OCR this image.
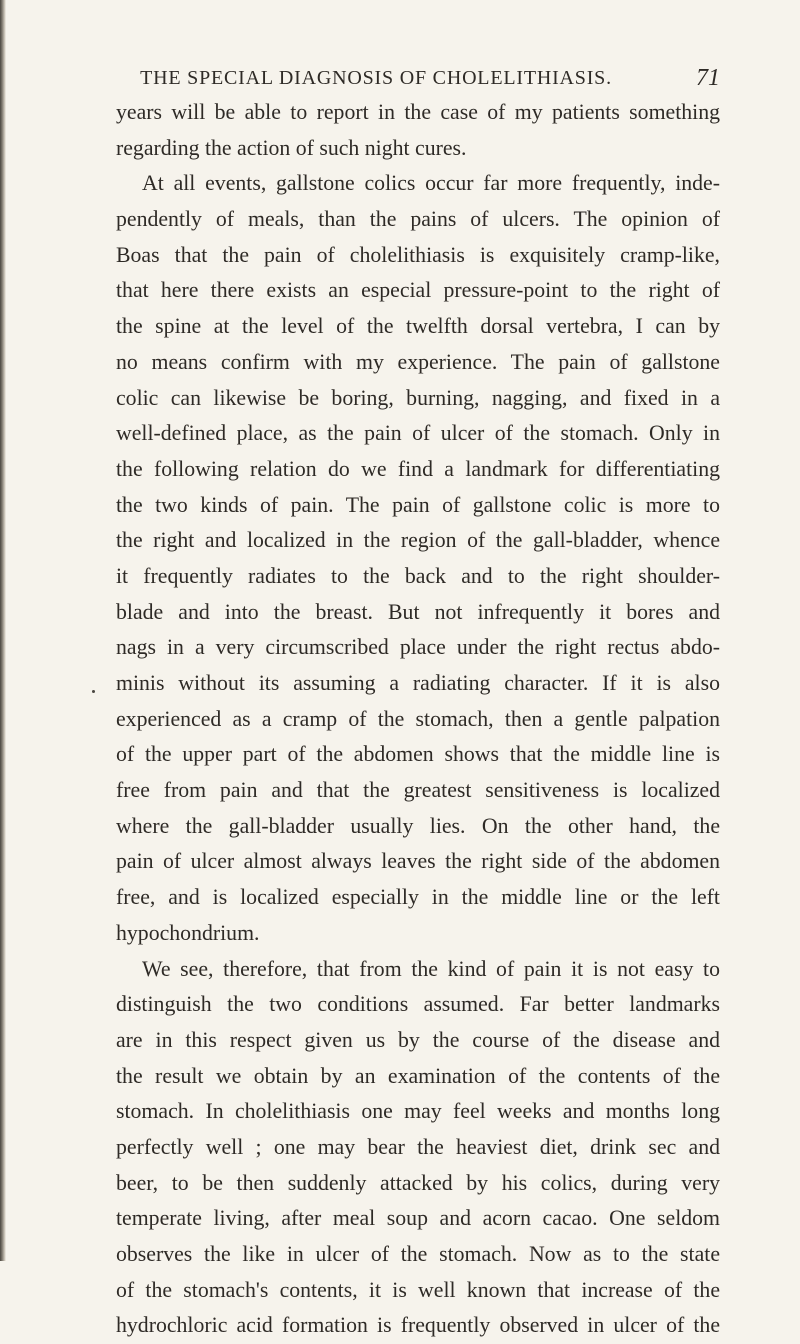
THE SPECIAL DIAGNOSIS OF CHOLELITHIASIS.	71
years will be able to report in the case of my patients something
regarding the action of such night cures.
At all events, gallstone colics occur far more frequently, inde-
pendently of meals, than the pains of ulcers. The opinion of
Boas that the pain of cholelithiasis is exquisitely cramp-like,
that here there exists an especial pressure-point to the right of
the spine at the level of the twelfth dorsal vertebra, I can by
no means confirm with my experience. The pain of gallstone
colic can likewise be boring, burning, nagging, and fixed in a
well-defined place, as the pain of ulcer of the stomach. Only in
the following relation do we find a landmark for differentiating
the two kinds of pain. The pain of gallstone colic is more to
the right and localized in the region of the gall-bladder, whence
it frequently radiates to the back and to the right shoulder-
blade and into the breast. But not infrequently it bores and
nags in a very circumscribed place under the right rectus abdo-
minis without its assuming a radiating character. If it is also
experienced as a cramp of the stomach, then a gentle palpation
of the upper part of the abdomen shows that the middle line is
free from pain and that the greatest sensitiveness is localized
where the gall-bladder usually lies. On the other hand, the
pain of ulcer almost always leaves the right side of the abdomen
free, and is localized especially in the middle line or the left
hypochondrium.
We see, therefore, that from the kind of pain it is not easy to
distinguish the two conditions assumed. Far better landmarks
are in this respect given us by the course of the disease and
the result we obtain by an examination of the contents of the
stomach. In cholelithiasis one may feel weeks and months long
perfectly well ; one may bear the heaviest diet, drink sec and
beer, to be then suddenly attacked by his colics, during very
temperate living, after meal soup and acorn cacao. One seldom
observes the like in ulcer of the stomach. Now as to the state
of the stomach's contents, it is well known that increase of the
hydrochloric acid formation is frequently observed in ulcer of the
